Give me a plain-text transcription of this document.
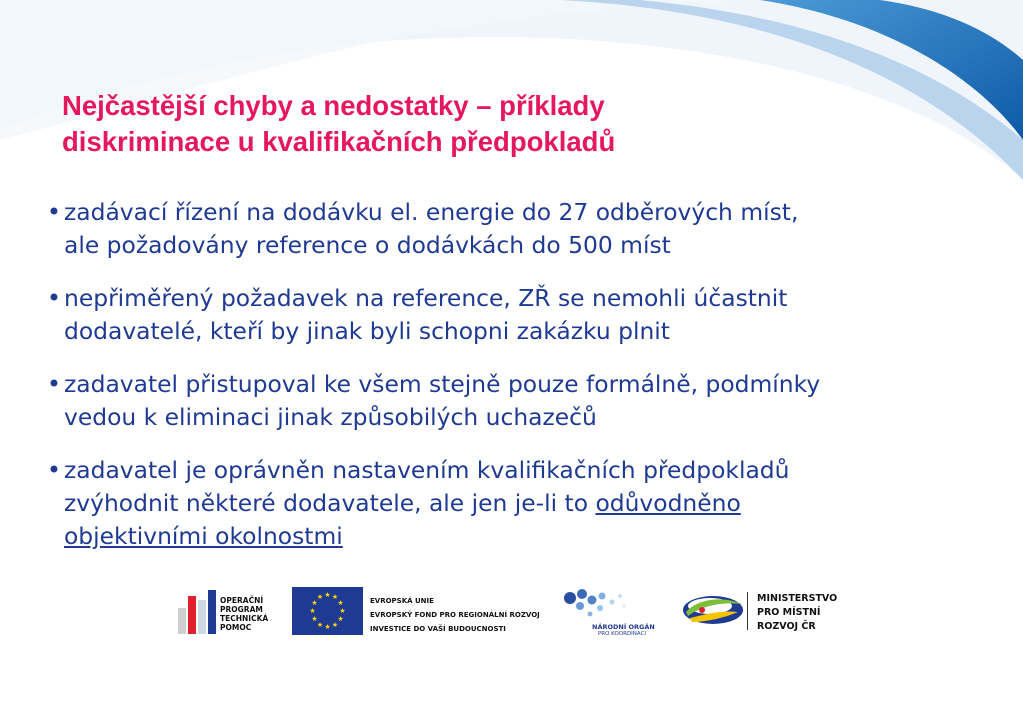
Nejčastější chyby a nedostatky – příklady
diskriminace u kvalifikačních předpokladů
• zadávací řízení na dodávku el. energie do 27 odběrových míst,
ale požadovány reference o dodávkách do 500 míst

• nepřiměřený požadavek na reference, ZŘ se nemohli účastnit
dodavatelé, kteří by jinak byli schopni zakázku plnit

• zadavatel přistupoval ke všem stejně pouze formálně, podmínky
vedou k eliminaci jinak způsobilých uchazečů

• zadavatel je oprávněn nastavením kvalifikačních předpokladů
zvýhodnit některé dodavatele, ale jen je-li to odůvodněno
objektivními okolnostmi

OPERAČNÍ
PROGRAM
TECHNICKÁ
POMOC
★ ★
★
★
★
★
★
★
★
★
★
★	EVROPSKÁ UNIE
EVROPSKÝ FOND PRO REGIONÁLNÍ ROZVOJ
INVESTICE DO VAŠÍ BUDOUCNOSTI	NÁRODNÍ ORGÁN
PRO KOORDINACI
MINISTERSTVO
PRO MÍSTNÍ
ROZVOJ ČR
